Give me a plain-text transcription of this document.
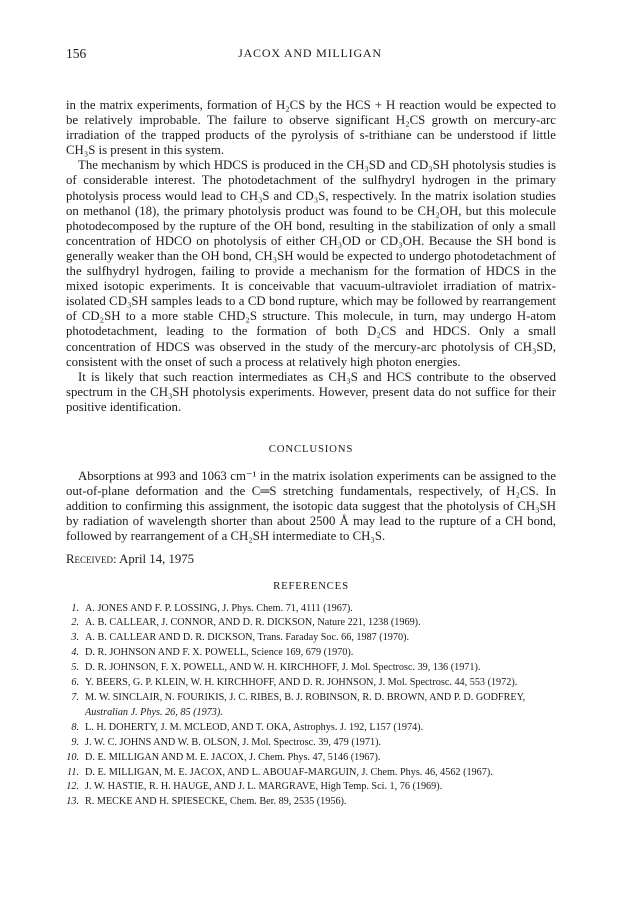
156	JACOX AND MILLIGAN

in the matrix experiments, formation of H₂CS by the HCS + H reaction would be expected to be relatively improbable. The failure to observe significant H₂CS growth on mercury-arc irradiation of the trapped products of the pyrolysis of s-trithiane can be understood if little CH₃S is present in this system.

The mechanism by which HDCS is produced in the CH₃SD and CD₃SH photolysis studies is of considerable interest. The photodetachment of the sulfhydryl hydrogen in the primary photolysis process would lead to CH₃S and CD₃S, respectively. In the matrix isolation studies on methanol (18), the primary photolysis product was found to be CH₂OH, but this molecule photodecomposed by the rupture of the OH bond, resulting in the stabilization of only a small concentration of HDCO on photolysis of either CH₃OD or CD₃OH. Because the SH bond is generally weaker than the OH bond, CH₃SH would be expected to undergo photodetachment of the sulfhydryl hydrogen, failing to provide a mechanism for the formation of HDCS in the mixed isotopic experiments. It is conceivable that vacuum-ultraviolet irradiation of matrix-isolated CD₃SH samples leads to a CD bond rupture, which may be followed by rearrangement of CD₂SH to a more stable CHD₂S structure. This molecule, in turn, may undergo H-atom photodetachment, leading to the formation of both D₂CS and HDCS. Only a small concentration of HDCS was observed in the study of the mercury-arc photolysis of CH₃SD, consistent with the onset of such a process at relatively high photon energies.

It is likely that such reaction intermediates as CH₃S and HCS contribute to the observed spectrum in the CH₃SH photolysis experiments. However, present data do not suffice for their positive identification.

CONCLUSIONS

Absorptions at 993 and 1063 cm⁻¹ in the matrix isolation experiments can be assigned to the out-of-plane deformation and the C═S stretching fundamentals, respectively, of H₂CS. In addition to confirming this assignment, the isotopic data suggest that the photolysis of CH₃SH by radiation of wavelength shorter than about 2500 Å may lead to the rupture of a CH bond, followed by rearrangement of a CH₂SH intermediate to CH₃S.

Received: April 14, 1975
REFERENCES
1. A. JONES AND F. P. LOSSING, J. Phys. Chem. 71, 4111 (1967).
2. A. B. CALLEAR, J. CONNOR, AND D. R. DICKSON, Nature 221, 1238 (1969).
3. A. B. CALLEAR AND D. R. DICKSON, Trans. Faraday Soc. 66, 1987 (1970).
4. D. R. JOHNSON AND F. X. POWELL, Science 169, 679 (1970).
5. D. R. JOHNSON, F. X. POWELL, AND W. H. KIRCHHOFF, J. Mol. Spectrosc. 39, 136 (1971).
6. Y. BEERS, G. P. KLEIN, W. H. KIRCHHOFF, AND D. R. JOHNSON, J. Mol. Spectrosc. 44, 553 (1972).
7. M. W. SINCLAIR, N. FOURIKIS, J. C. RIBES, B. J. ROBINSON, R. D. BROWN, AND P. D. GODFREY,
Australian J. Phys. 26, 85 (1973).
8. L. H. DOHERTY, J. M. MCLEOD, AND T. OKA, Astrophys. J. 192, L157 (1974).
9. J. W. C. JOHNS AND W. B. OLSON, J. Mol. Spectrosc. 39, 479 (1971).
10. D. E. MILLIGAN AND M. E. JACOX, J. Chem. Phys. 47, 5146 (1967).
11. D. E. MILLIGAN, M. E. JACOX, AND L. ABOUAF-MARGUIN, J. Chem. Phys. 46, 4562 (1967).
12. J. W. HASTIE, R. H. HAUGE, AND J. L. MARGRAVE, High Temp. Sci. 1, 76 (1969).
13. R. MECKE AND H. SPIESECKE, Chem. Ber. 89, 2535 (1956).
